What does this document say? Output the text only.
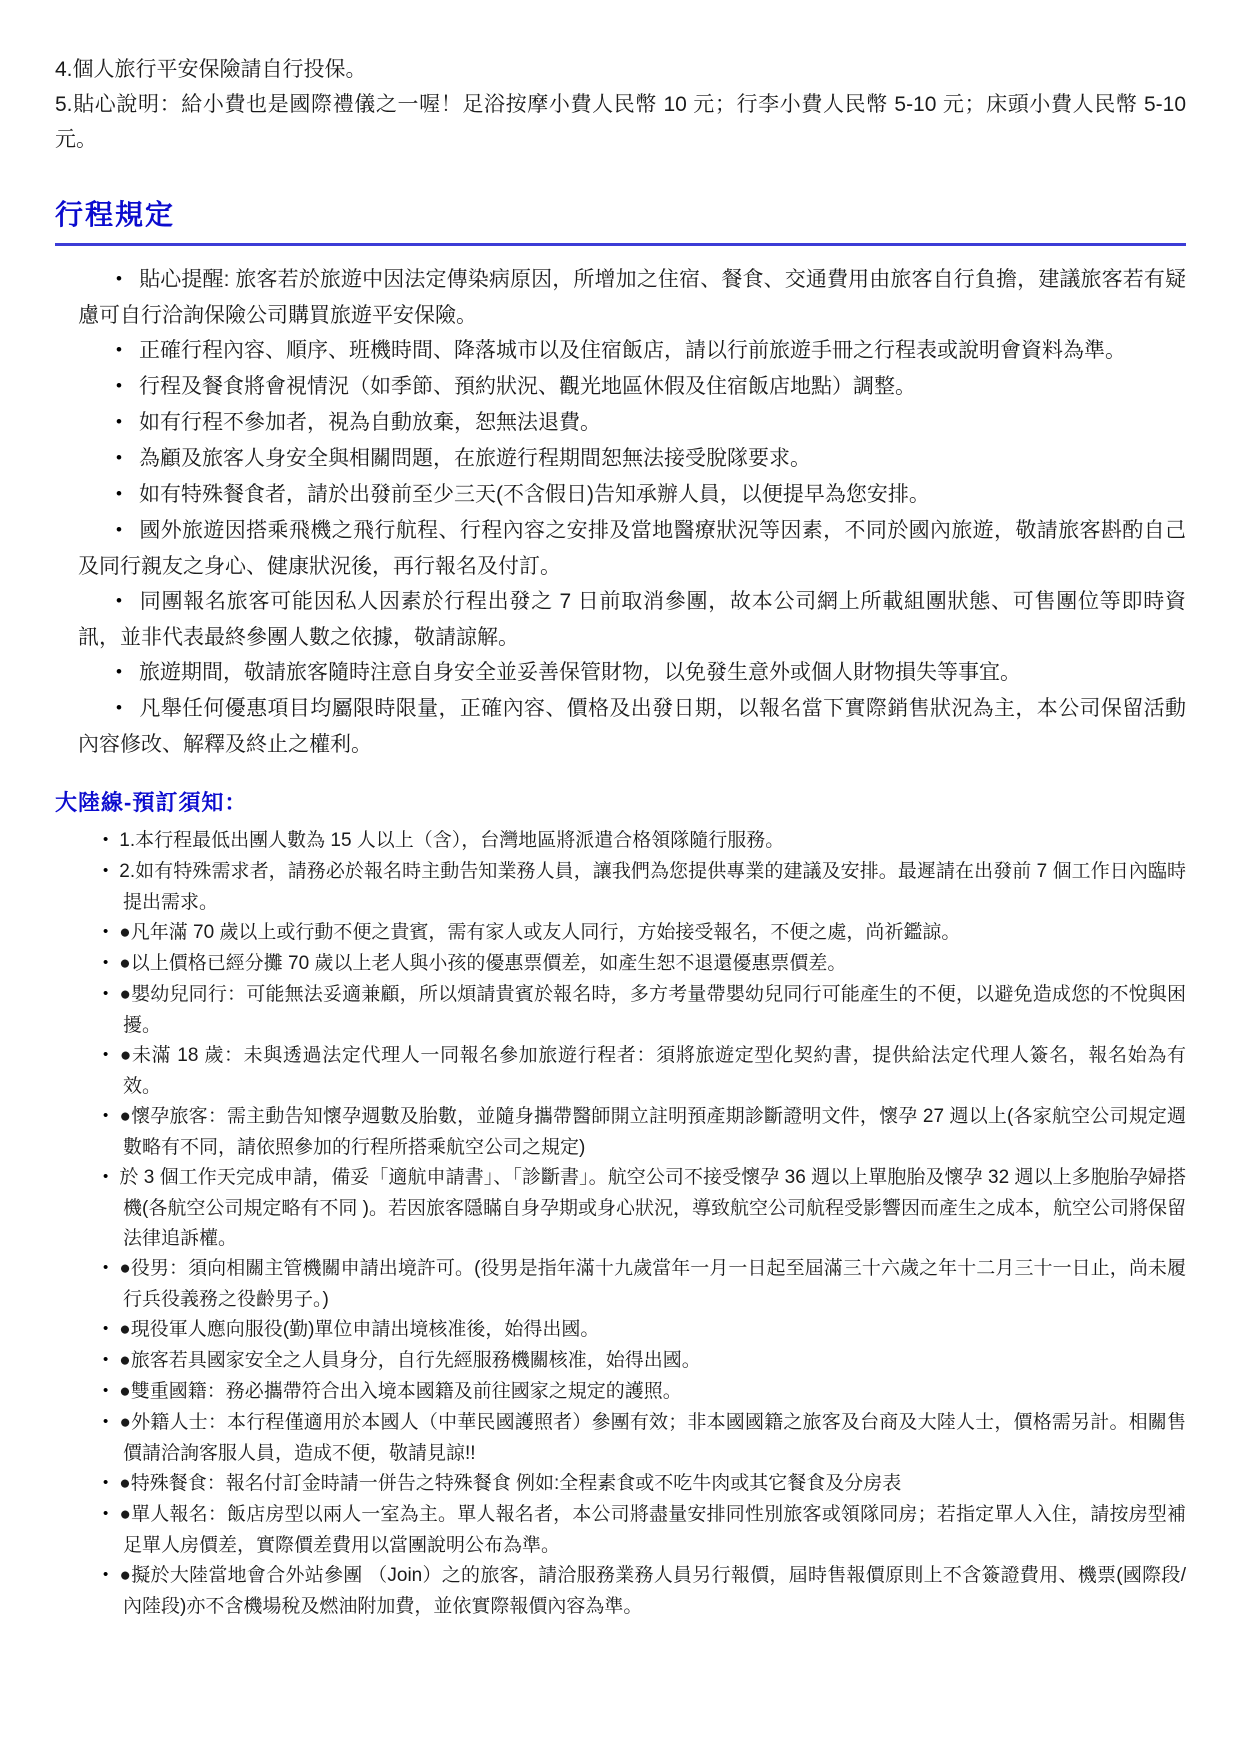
4.個人旅行平安保險請自行投保。

5.貼心說明：給小費也是國際禮儀之一喔！足浴按摩小費人民幣 10 元；行李小費人民幣 5-10 元；床頭小費人民幣 5-10 元。

行程規定
• 貼心提醒: 旅客若於旅遊中因法定傳染病原因，所增加之住宿、餐食、交通費用由旅客自行負擔，建議旅客若有疑慮可自行洽詢保險公司購買旅遊平安保險。
• 正確行程內容、順序、班機時間、降落城市以及住宿飯店，請以行前旅遊手冊之行程表或說明會資料為準。
• 行程及餐食將會視情況（如季節、預約狀況、觀光地區休假及住宿飯店地點）調整。
• 如有行程不參加者，視為自動放棄，恕無法退費。
• 為顧及旅客人身安全與相關問題，在旅遊行程期間恕無法接受脫隊要求。
• 如有特殊餐食者，請於出發前至少三天(不含假日)告知承辦人員，以便提早為您安排。
• 國外旅遊因搭乘飛機之飛行航程、行程內容之安排及當地醫療狀況等因素，不同於國內旅遊，敬請旅客斟酌自己及同行親友之身心、健康狀況後，再行報名及付訂。
• 同團報名旅客可能因私人因素於行程出發之 7 日前取消參團，故本公司網上所載組團狀態、可售團位等即時資訊，並非代表最終參團人數之依據，敬請諒解。
• 旅遊期間，敬請旅客隨時注意自身安全並妥善保管財物，以免發生意外或個人財物損失等事宜。
• 凡舉任何優惠項目均屬限時限量，正確內容、價格及出發日期，以報名當下實際銷售狀況為主，本公司保留活動內容修改、解釋及終止之權利。
大陸線-預訂須知：
• 1.本行程最低出團人數為 15 人以上（含），台灣地區將派遣合格領隊隨行服務。
• 2.如有特殊需求者，請務必於報名時主動告知業務人員，讓我們為您提供專業的建議及安排。最遲請在出發前 7 個工作日內臨時提出需求。
• ●凡年滿 70 歲以上或行動不便之貴賓，需有家人或友人同行，方始接受報名，不便之處，尚祈鑑諒。
• ●以上價格已經分攤 70 歲以上老人與小孩的優惠票價差，如產生恕不退還優惠票價差。
• ●嬰幼兒同行：可能無法妥適兼顧，所以煩請貴賓於報名時，多方考量帶嬰幼兒同行可能產生的不便，以避免造成您的不悅與困擾。
• ●未滿 18 歲：未與透過法定代理人一同報名參加旅遊行程者：須將旅遊定型化契約書，提供給法定代理人簽名，報名始為有效。
• ●懷孕旅客：需主動告知懷孕週數及胎數，並隨身攜帶醫師開立註明預產期診斷證明文件，懷孕 27 週以上(各家航空公司規定週數略有不同，請依照參加的行程所搭乘航空公司之規定)
• 於 3 個工作天完成申請，備妥「適航申請書」、「診斷書」。航空公司不接受懷孕 36 週以上單胞胎及懷孕 32 週以上多胞胎孕婦搭機(各航空公司規定略有不同 )。若因旅客隱瞞自身孕期或身心狀況，導致航空公司航程受影響因而產生之成本，航空公司將保留法律追訴權。
• ●役男：須向相關主管機關申請出境許可。(役男是指年滿十九歲當年一月一日起至屆滿三十六歲之年十二月三十一日止，尚未履行兵役義務之役齡男子。)
• ●現役軍人應向服役(勤)單位申請出境核准後，始得出國。
• ●旅客若具國家安全之人員身分，自行先經服務機關核准，始得出國。
• ●雙重國籍：務必攜帶符合出入境本國籍及前往國家之規定的護照。
• ●外籍人士：本行程僅適用於本國人（中華民國護照者）參團有效；非本國國籍之旅客及台商及大陸人士，價格需另計。相關售價請洽詢客服人員，造成不便，敬請見諒!!
• ●特殊餐食：報名付訂金時請一併告之特殊餐食 例如:全程素食或不吃牛肉或其它餐食及分房表
• ●單人報名：飯店房型以兩人一室為主。單人報名者，本公司將盡量安排同性別旅客或領隊同房；若指定單人入住，請按房型補足單人房價差，實際價差費用以當團說明公布為準。
• ●擬於大陸當地會合外站參團 （Join）之的旅客，請洽服務業務人員另行報價，屆時售報價原則上不含簽證費用、機票(國際段/內陸段)亦不含機場稅及燃油附加費，並依實際報價內容為準。
